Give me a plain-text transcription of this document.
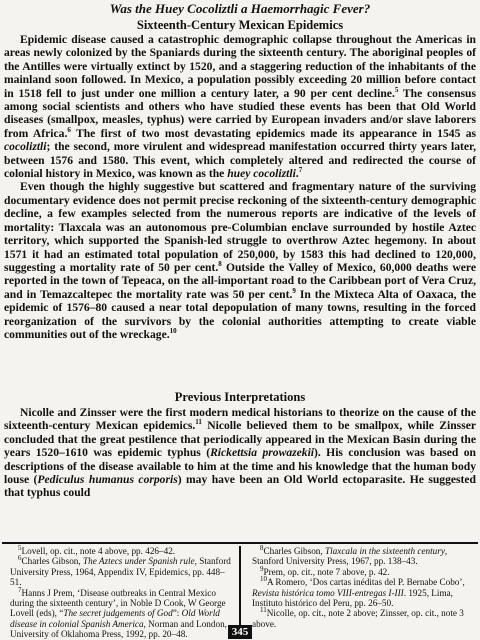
Was the Huey Cocoliztli a Haemorrhagic Fever?
Sixteenth-Century Mexican Epidemics

Epidemic disease caused a catastrophic demographic collapse throughout the Americas in areas newly colonized by the Spaniards during the sixteenth century. The aboriginal peoples of the Antilles were virtually extinct by 1520, and a staggering reduction of the inhabitants of the mainland soon followed. In Mexico, a population possibly exceeding 20 million before contact in 1518 fell to just under one million a century later, a 90 per cent decline.$^5$ The consensus among social scientists and others who have studied these events has been that Old World diseases (smallpox, measles, typhus) were carried by European invaders and/or slave laborers from Africa.$^6$ The first of two most devastating epidemics made its appearance in 1545 as cocoliztli; the second, more virulent and widespread manifestation occurred thirty years later, between 1576 and 1580. This event, which completely altered and redirected the course of colonial history in Mexico, was known as the huey cocoliztli.$^7$

Even though the highly suggestive but scattered and fragmentary nature of the surviving documentary evidence does not permit precise reckoning of the sixteenth-century demographic decline, a few examples selected from the numerous reports are indicative of the levels of mortality: Tlaxcala was an autonomous pre-Columbian enclave surrounded by hostile Aztec territory, which supported the Spanish-led struggle to overthrow Aztec hegemony. In about 1571 it had an estimated total population of 250,000, by 1583 this had declined to 120,000, suggesting a mortality rate of 50 per cent.$^8$ Outside the Valley of Mexico, 60,000 deaths were reported in the town of Tepeaca, on the all-important road to the Caribbean port of Vera Cruz, and in Temazcaltepec the mortality rate was 50 per cent.$^9$ In the Mixteca Alta of Oaxaca, the epidemic of 1576–80 caused a near total depopulation of many towns, resulting in the forced reorganization of the survivors by the colonial authorities attempting to create viable communities out of the wreckage.$^{10}$

Previous Interpretations

Nicolle and Zinsser were the first modern medical historians to theorize on the cause of the sixteenth-century Mexican epidemics.$^{11}$ Nicolle believed them to be smallpox, while Zinsser concluded that the great pestilence that periodically appeared in the Mexican Basin during the years 1520–1610 was epidemic typhus (Rickettsia prowazekii). His conclusion was based on descriptions of the disease available to him at the time and his knowledge that the human body louse (Pediculus humanus corporis) may have been an Old World ectoparasite. He suggested that typhus could

$^5$Lovell, op. cit., note 4 above, pp. 426–42.

$^6$Charles Gibson, The Aztecs under Spanish rule, Stanford University Press, 1964, Appendix IV, Epidemics, pp. 448–51.

$^7$Hanns J Prem, ‘Disease outbreaks in Central Mexico during the sixteenth century’, in Noble D Cook, W George Lovell (eds), “The secret judgements of God”: Old World disease in colonial Spanish America, Norman and London, University of Oklahoma Press, 1992, pp. 20–48.

$^8$Charles Gibson, Tlaxcala in the sixteenth century, Stanford University Press, 1967, pp. 138–43.

$^9$Prem, op. cit., note 7 above, p. 42.

$^{10}$A Romero, ‘Dos cartas inéditas del P. Bernabe Cobo’, Revista histórica tomo VIII-entregas I-III. 1925, Lima, Instituto histórico del Peru, pp. 26–50.

$^{11}$Nicolle, op. cit., note 2 above; Zinsser, op. cit., note 3 above.

345
